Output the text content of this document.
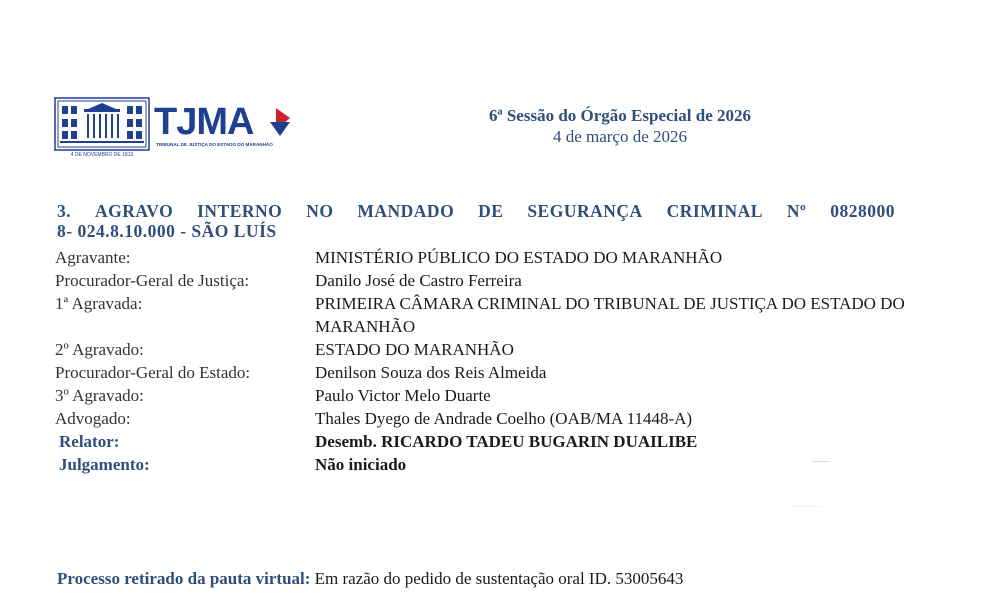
4 DE NOVEMBRO DE 1813
TJMA
TRIBUNAL DE JUSTIÇA DO ESTADO DO MARANHÃO
6ª Sessão do Órgão Especial de 2026
4 de março de 2026
3. AGRAVO INTERNO NO MANDADO DE SEGURANÇA CRIMINAL Nº 0828000
8- 024.8.10.000 - SÃO LUÍS
Agravante:	MINISTÉRIO PÚBLICO DO ESTADO DO MARANHÃO
Procurador-Geral de Justiça:	Danilo José de Castro Ferreira
1ª Agravada:	PRIMEIRA CÂMARA CRIMINAL DO TRIBUNAL DE JUSTIÇA DO ESTADO DO MARANHÃO
2º Agravado:	ESTADO DO MARANHÃO
Procurador-Geral do Estado:	Denilson Souza dos Reis Almeida
3º Agravado:	Paulo Victor Melo Duarte
Advogado:	Thales Dyego de Andrade Coelho (OAB/MA 11448-A)
Relator:	Desemb. RICARDO TADEU BUGARIN DUAILIBE
Julgamento:	Não iniciado
Processo retirado da pauta virtual: Em razão do pedido de sustentação oral ID. 53005643
